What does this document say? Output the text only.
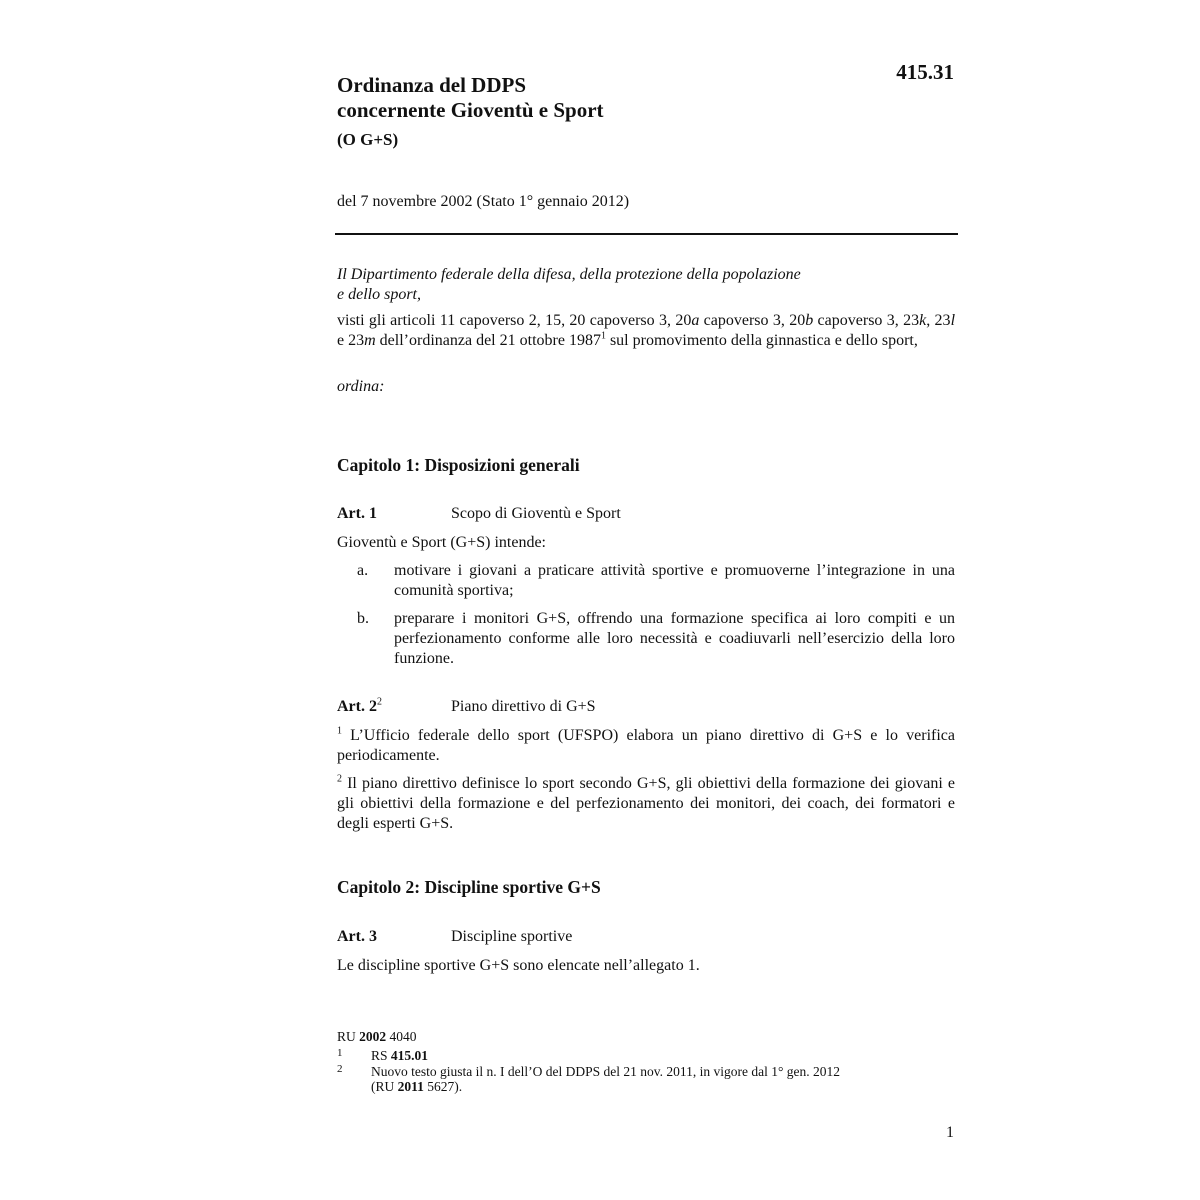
415.31
Ordinanza del DDPS
concernente Gioventù e Sport
(O G+S)
del 7 novembre 2002 (Stato 1° gennaio 2012)
Il Dipartimento federale della difesa, della protezione della popolazione
e dello sport,
visti gli articoli 11 capoverso 2, 15, 20 capoverso 3, 20a capoverso 3, 20b capoverso 3, 23k, 23l e 23m dell’ordinanza del 21 ottobre 1987$^1$ sul promovimento della ginnastica e dello sport,
ordina:
Capitolo 1: Disposizioni generali
Art. 1	Scopo di Gioventù e Sport
Gioventù e Sport (G+S) intende:
a. motivare i giovani a praticare attività sportive e promuoverne l’integrazione in una comunità sportiva;
b. preparare i monitori G+S, offrendo una formazione specifica ai loro compiti e un perfezionamento conforme alle loro necessità e coadiuvarli nell’esercizio della loro funzione.
Art. $2^2$	Piano direttivo di G+S
$^1$ L’Ufficio federale dello sport (UFSPO) elabora un piano direttivo di G+S e lo verifica periodicamente.
$^2$ Il piano direttivo definisce lo sport secondo G+S, gli obiettivi della formazione dei giovani e gli obiettivi della formazione e del perfezionamento dei monitori, dei coach, dei formatori e degli esperti G+S.
Capitolo 2: Discipline sportive G+S
Art. 3	Discipline sportive
Le discipline sportive G+S sono elencate nell’allegato 1.
RU 2002 4040
1 RS 415.01
2 Nuovo testo giusta il n. I dell’O del DDPS del 21 nov. 2011, in vigore dal 1° gen. 2012
(RU 2011 5627).
1
